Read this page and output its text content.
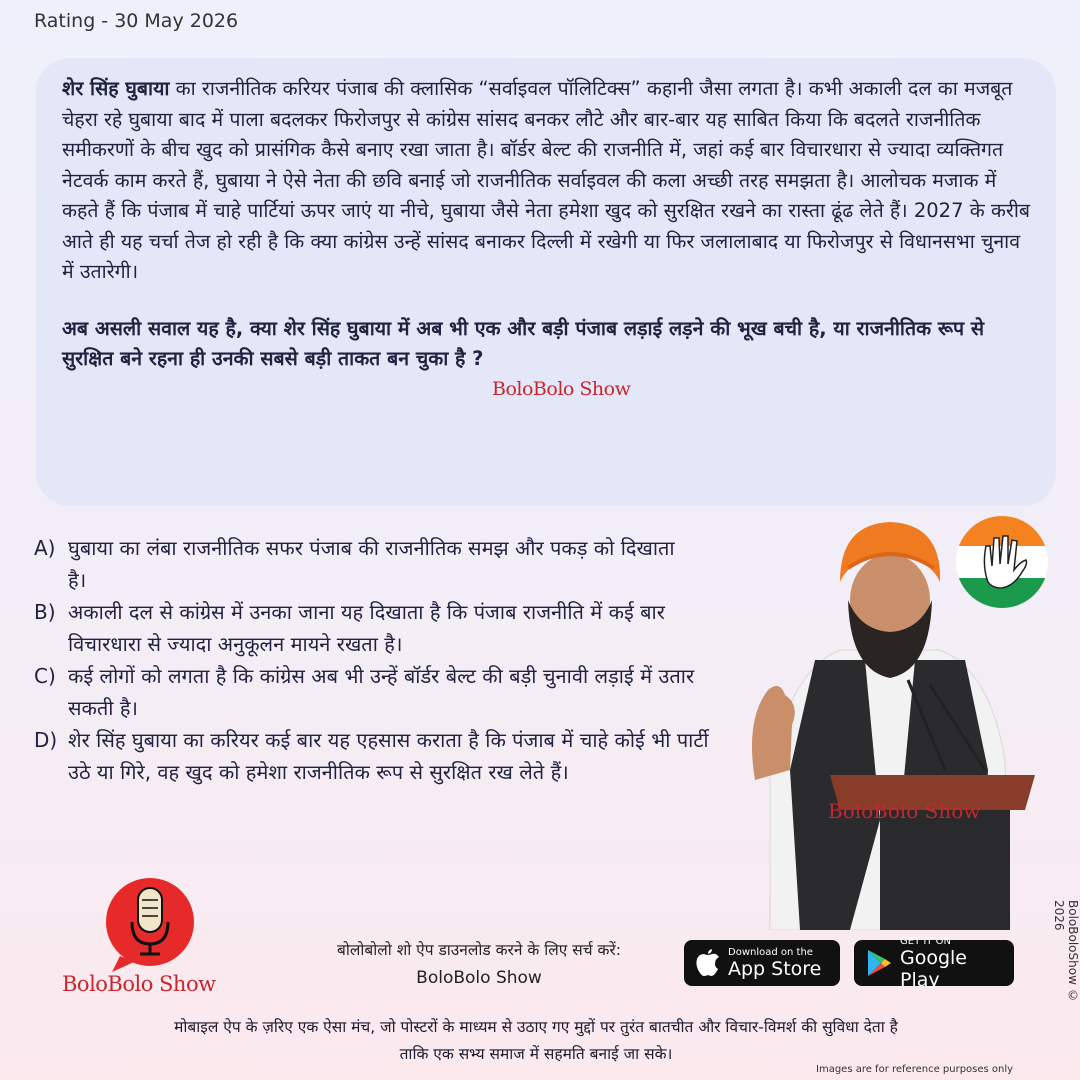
Rating - 30 May 2026

शेर सिंह घुबाया का राजनीतिक करियर पंजाब की क्लासिक “सर्वाइवल पॉलिटिक्स” कहानी जैसा लगता है। कभी अकाली दल का मजबूत चेहरा रहे घुबाया बाद में पाला बदलकर फिरोजपुर से कांग्रेस सांसद बनकर लौटे और बार-बार यह साबित किया कि बदलते राजनीतिक समीकरणों के बीच खुद को प्रासंगिक कैसे बनाए रखा जाता है। बॉर्डर बेल्ट की राजनीति में, जहां कई बार विचारधारा से ज्यादा व्यक्तिगत नेटवर्क काम करते हैं, घुबाया ने ऐसे नेता की छवि बनाई जो राजनीतिक सर्वाइवल की कला अच्छी तरह समझता है। आलोचक मजाक में कहते हैं कि पंजाब में चाहे पार्टियां ऊपर जाएं या नीचे, घुबाया जैसे नेता हमेशा खुद को सुरक्षित रखने का रास्ता ढूंढ लेते हैं। 2027 के करीब आते ही यह चर्चा तेज हो रही है कि क्या कांग्रेस उन्हें सांसद बनाकर दिल्ली में रखेगी या फिर जलालाबाद या फिरोजपुर से विधानसभा चुनाव में उतारेगी।

अब असली सवाल यह है, क्या शेर सिंह घुबाया में अब भी एक और बड़ी पंजाब लड़ाई लड़ने की भूख बची है, या राजनीतिक रूप से सुरक्षित बने रहना ही उनकी सबसे बड़ी ताकत बन चुका है ?

BoloBolo Show
A) घुबाया का लंबा राजनीतिक सफर पंजाब की राजनीतिक समझ और पकड़ को दिखाता है।
B) अकाली दल से कांग्रेस में उनका जाना यह दिखाता है कि पंजाब राजनीति में कई बार विचारधारा से ज्यादा अनुकूलन मायने रखता है।
C) कई लोगों को लगता है कि कांग्रेस अब भी उन्हें बॉर्डर बेल्ट की बड़ी चुनावी लड़ाई में उतार सकती है।
D) शेर सिंह घुबाया का करियर कई बार यह एहसास कराता है कि पंजाब में चाहे कोई भी पार्टी उठे या गिरे, वह खुद को हमेशा राजनीतिक रूप से सुरक्षित रख लेते हैं।
BoloBolo Show
BoloBoloShow © 2026
BoloBolo Show
बोलोबोलो शो ऐप डाउनलोड करने के लिए सर्च करें:
BoloBolo Show
Download on the
App Store
GET IT ON
Google Play
मोबाइल ऐप के ज़रिए एक ऐसा मंच, जो पोस्टरों के माध्यम से उठाए गए मुद्दों पर तुरंत बातचीत और विचार-विमर्श की सुविधा देता है
ताकि एक सभ्य समाज में सहमति बनाई जा सके।
Images are for reference purposes only
